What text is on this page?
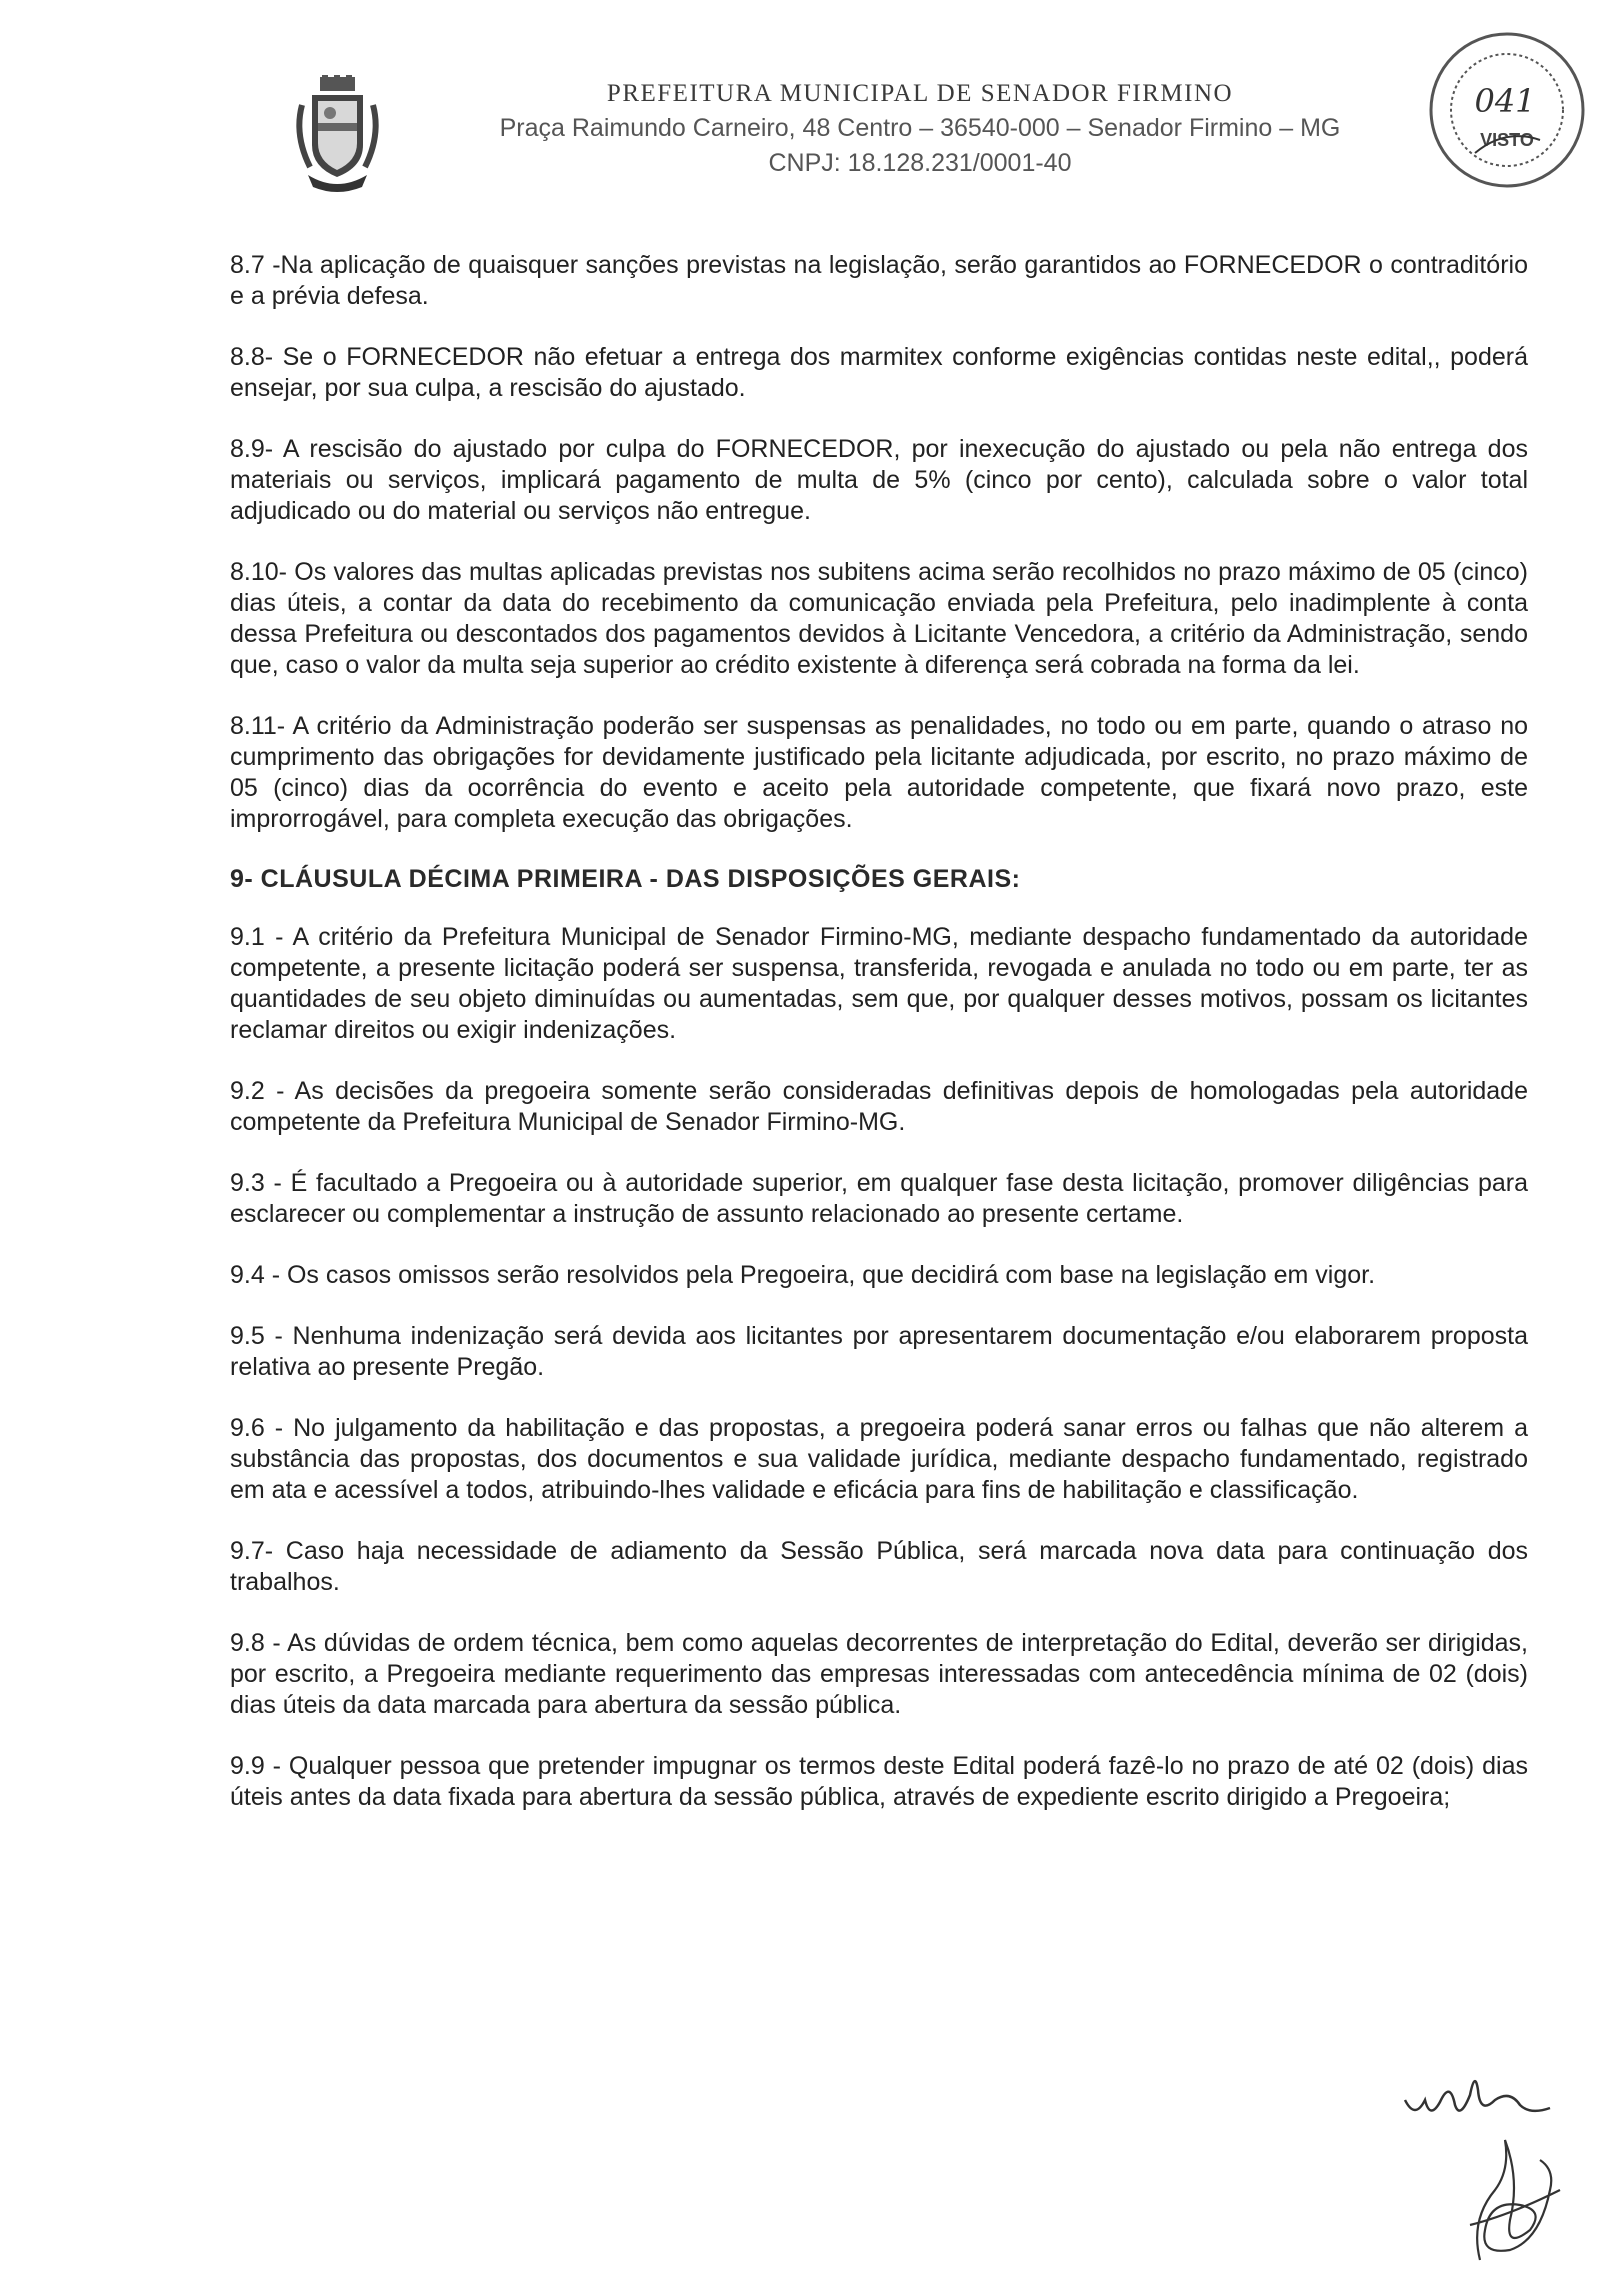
PREFEITURA MUNICIPAL DE SENADOR FIRMINO
Praça Raimundo Carneiro, 48 Centro – 36540-000 – Senador Firmino – MG
CNPJ: 18.128.231/0001-40
041
VISTO

8.7 -Na aplicação de quaisquer sanções previstas na legislação, serão garantidos ao FORNECEDOR o contraditório e a prévia defesa.

8.8- Se o FORNECEDOR não efetuar a entrega dos marmitex conforme exigências contidas neste edital,, poderá ensejar, por sua culpa, a rescisão do ajustado.

8.9- A rescisão do ajustado por culpa do FORNECEDOR, por inexecução do ajustado ou pela não entrega dos materiais ou serviços, implicará pagamento de multa de 5% (cinco por cento), calculada sobre o valor total adjudicado ou do material ou serviços não entregue.

8.10- Os valores das multas aplicadas previstas nos subitens acima serão recolhidos no prazo máximo de 05 (cinco) dias úteis, a contar da data do recebimento da comunicação enviada pela Prefeitura, pelo inadimplente à conta dessa Prefeitura ou descontados dos pagamentos devidos à Licitante Vencedora, a critério da Administração, sendo que, caso o valor da multa seja superior ao crédito existente à diferença será cobrada na forma da lei.

8.11- A critério da Administração poderão ser suspensas as penalidades, no todo ou em parte, quando o atraso no cumprimento das obrigações for devidamente justificado pela licitante adjudicada, por escrito, no prazo máximo de 05 (cinco) dias da ocorrência do evento e aceito pela autoridade competente, que fixará novo prazo, este improrrogável, para completa execução das obrigações.

9- CLÁUSULA DÉCIMA PRIMEIRA - DAS DISPOSIÇÕES GERAIS:

9.1 - A critério da Prefeitura Municipal de Senador Firmino-MG, mediante despacho fundamentado da autoridade competente, a presente licitação poderá ser suspensa, transferida, revogada e anulada no todo ou em parte, ter as quantidades de seu objeto diminuídas ou aumentadas, sem que, por qualquer desses motivos, possam os licitantes reclamar direitos ou exigir indenizações.

9.2 - As decisões da pregoeira somente serão consideradas definitivas depois de homologadas pela autoridade competente da Prefeitura Municipal de Senador Firmino-MG.

9.3 - É facultado a Pregoeira ou à autoridade superior, em qualquer fase desta licitação, promover diligências para esclarecer ou complementar a instrução de assunto relacionado ao presente certame.

9.4 - Os casos omissos serão resolvidos pela Pregoeira, que decidirá com base na legislação em vigor.

9.5 - Nenhuma indenização será devida aos licitantes por apresentarem documentação e/ou elaborarem proposta relativa ao presente Pregão.

9.6 - No julgamento da habilitação e das propostas, a pregoeira poderá sanar erros ou falhas que não alterem a substância das propostas, dos documentos e sua validade jurídica, mediante despacho fundamentado, registrado em ata e acessível a todos, atribuindo-lhes validade e eficácia para fins de habilitação e classificação.

9.7- Caso haja necessidade de adiamento da Sessão Pública, será marcada nova data para continuação dos trabalhos.

9.8 - As dúvidas de ordem técnica, bem como aquelas decorrentes de interpretação do Edital, deverão ser dirigidas, por escrito, a Pregoeira mediante requerimento das empresas interessadas com antecedência mínima de 02 (dois) dias úteis da data marcada para abertura da sessão pública.

9.9 - Qualquer pessoa que pretender impugnar os termos deste Edital poderá fazê-lo no prazo de até 02 (dois) dias úteis antes da data fixada para abertura da sessão pública, através de expediente escrito dirigido a Pregoeira;
